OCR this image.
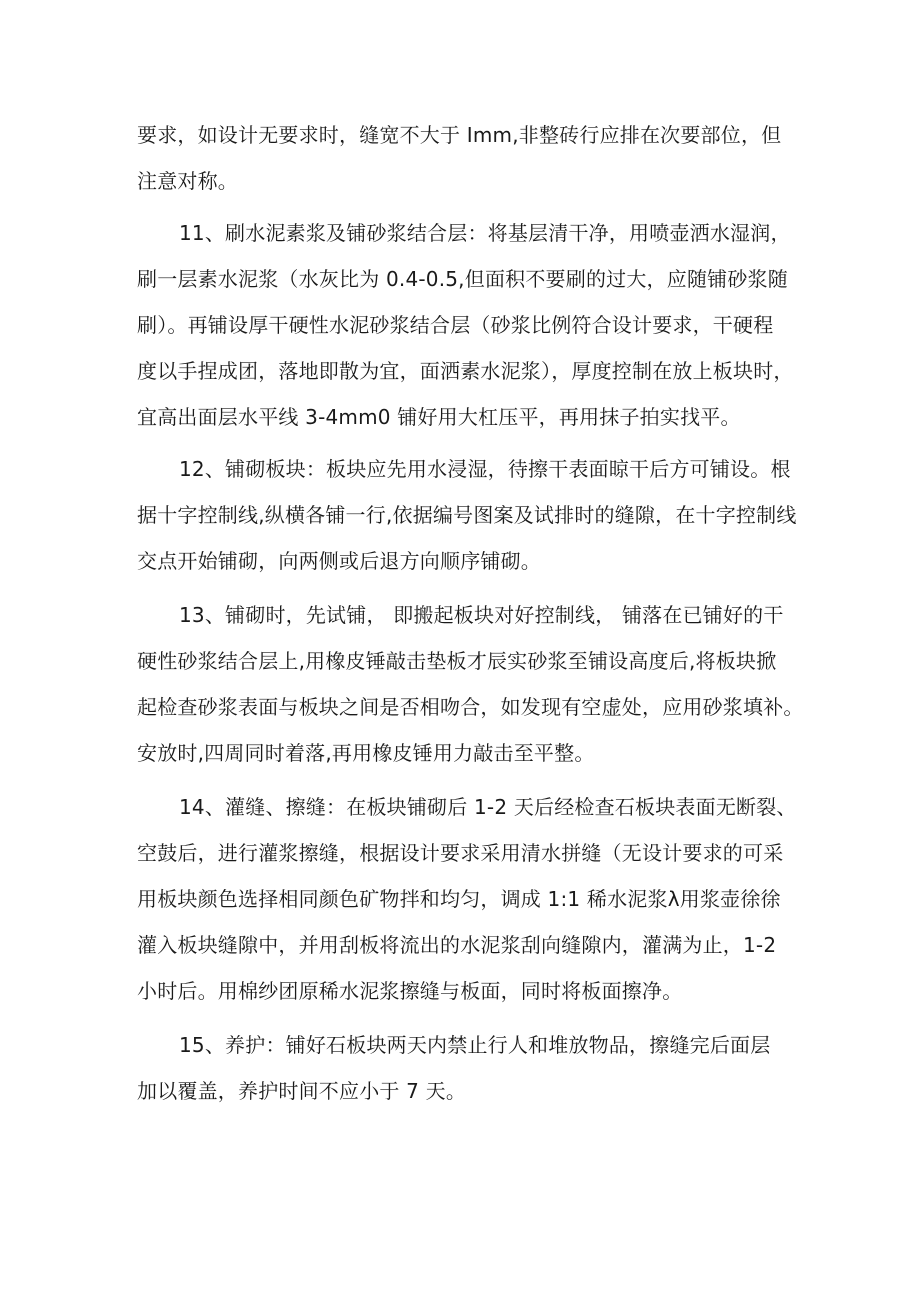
要求，如设计无要求时，缝宽不大于 Imm,非整砖行应排在次要部位，但
注意对称。
11、刷水泥素浆及铺砂浆结合层：将基层清干净，用喷壶洒水湿润，
刷一层素水泥浆（水灰比为 0.4-0.5,但面积不要刷的过大，应随铺砂浆随
刷）。再铺设厚干硬性水泥砂浆结合层（砂浆比例符合设计要求，干硬程
度以手捏成团，落地即散为宜，面洒素水泥浆），厚度控制在放上板块时，
宜高出面层水平线 3-4mm0 铺好用大杠压平，再用抹子拍实找平。
12、铺砌板块：板块应先用水浸湿，待擦干表面晾干后方可铺设。根
据十字控制线,纵横各铺一行,依据编号图案及试排时的缝隙，在十字控制线
交点开始铺砌，向两侧或后退方向顺序铺砌。
13、铺砌时，先试铺， 即搬起板块对好控制线， 铺落在已铺好的干
硬性砂浆结合层上,用橡皮锤敲击垫板才辰实砂浆至铺设高度后,将板块掀
起检查砂浆表面与板块之间是否相吻合，如发现有空虚处，应用砂浆填补。
安放时,四周同时着落,再用橡皮锤用力敲击至平整。
14、灌缝、擦缝：在板块铺砌后 1-2 天后经检查石板块表面无断裂、
空鼓后，进行灌浆擦缝，根据设计要求采用清水拼缝（无设计要求的可采
用板块颜色选择相同颜色矿物拌和均匀，调成 1:1 稀水泥浆λ用浆壶徐徐
灌入板块缝隙中，并用刮板将流出的水泥浆刮向缝隙内，灌满为止，1-2
小时后。用棉纱团原稀水泥浆擦缝与板面，同时将板面擦净。
15、养护：铺好石板块两天内禁止行人和堆放物品，擦缝完后面层
加以覆盖，养护时间不应小于 7 天。
